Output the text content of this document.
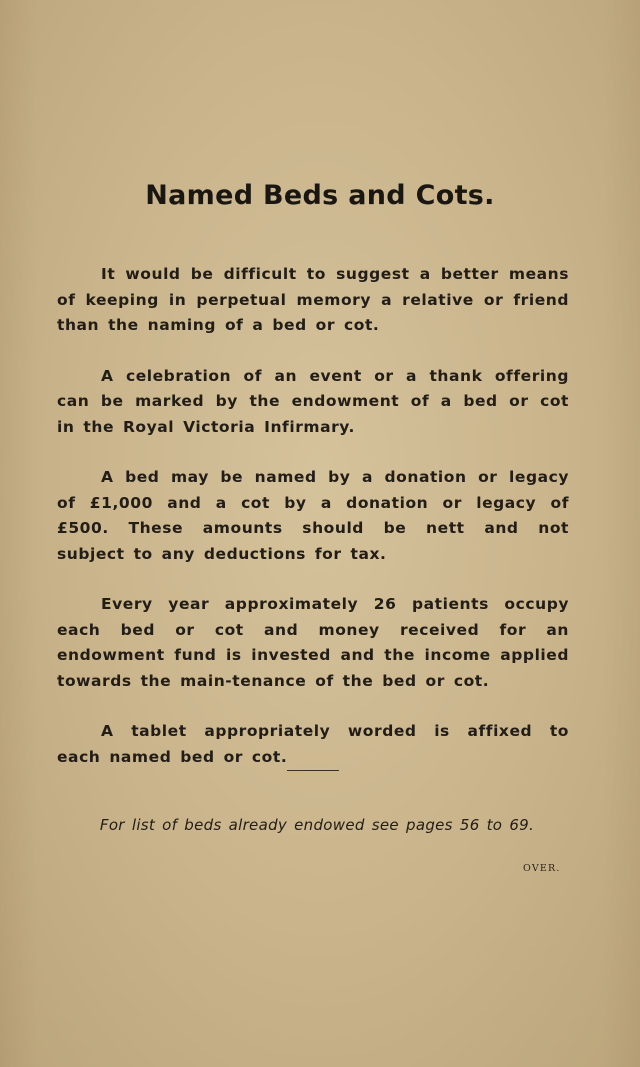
Named Beds and Cots.

It would be difficult to suggest a better means of keeping in perpetual memory a relative or friend than the naming of a bed or cot.

A celebration of an event or a thank offering can be marked by the endowment of a bed or cot in the Royal Victoria Infirmary.

A bed may be named by a donation or legacy of £1,000 and a cot by a donation or legacy of £500. These amounts should be nett and not subject to any deductions for tax.

Every year approximately 26 patients occupy each bed or cot and money received for an endowment fund is invested and the income applied towards the main-tenance of the bed or cot.

A tablet appropriately worded is affixed to each named bed or cot.

For list of beds already endowed see pages 56 to 69.

OVER.
